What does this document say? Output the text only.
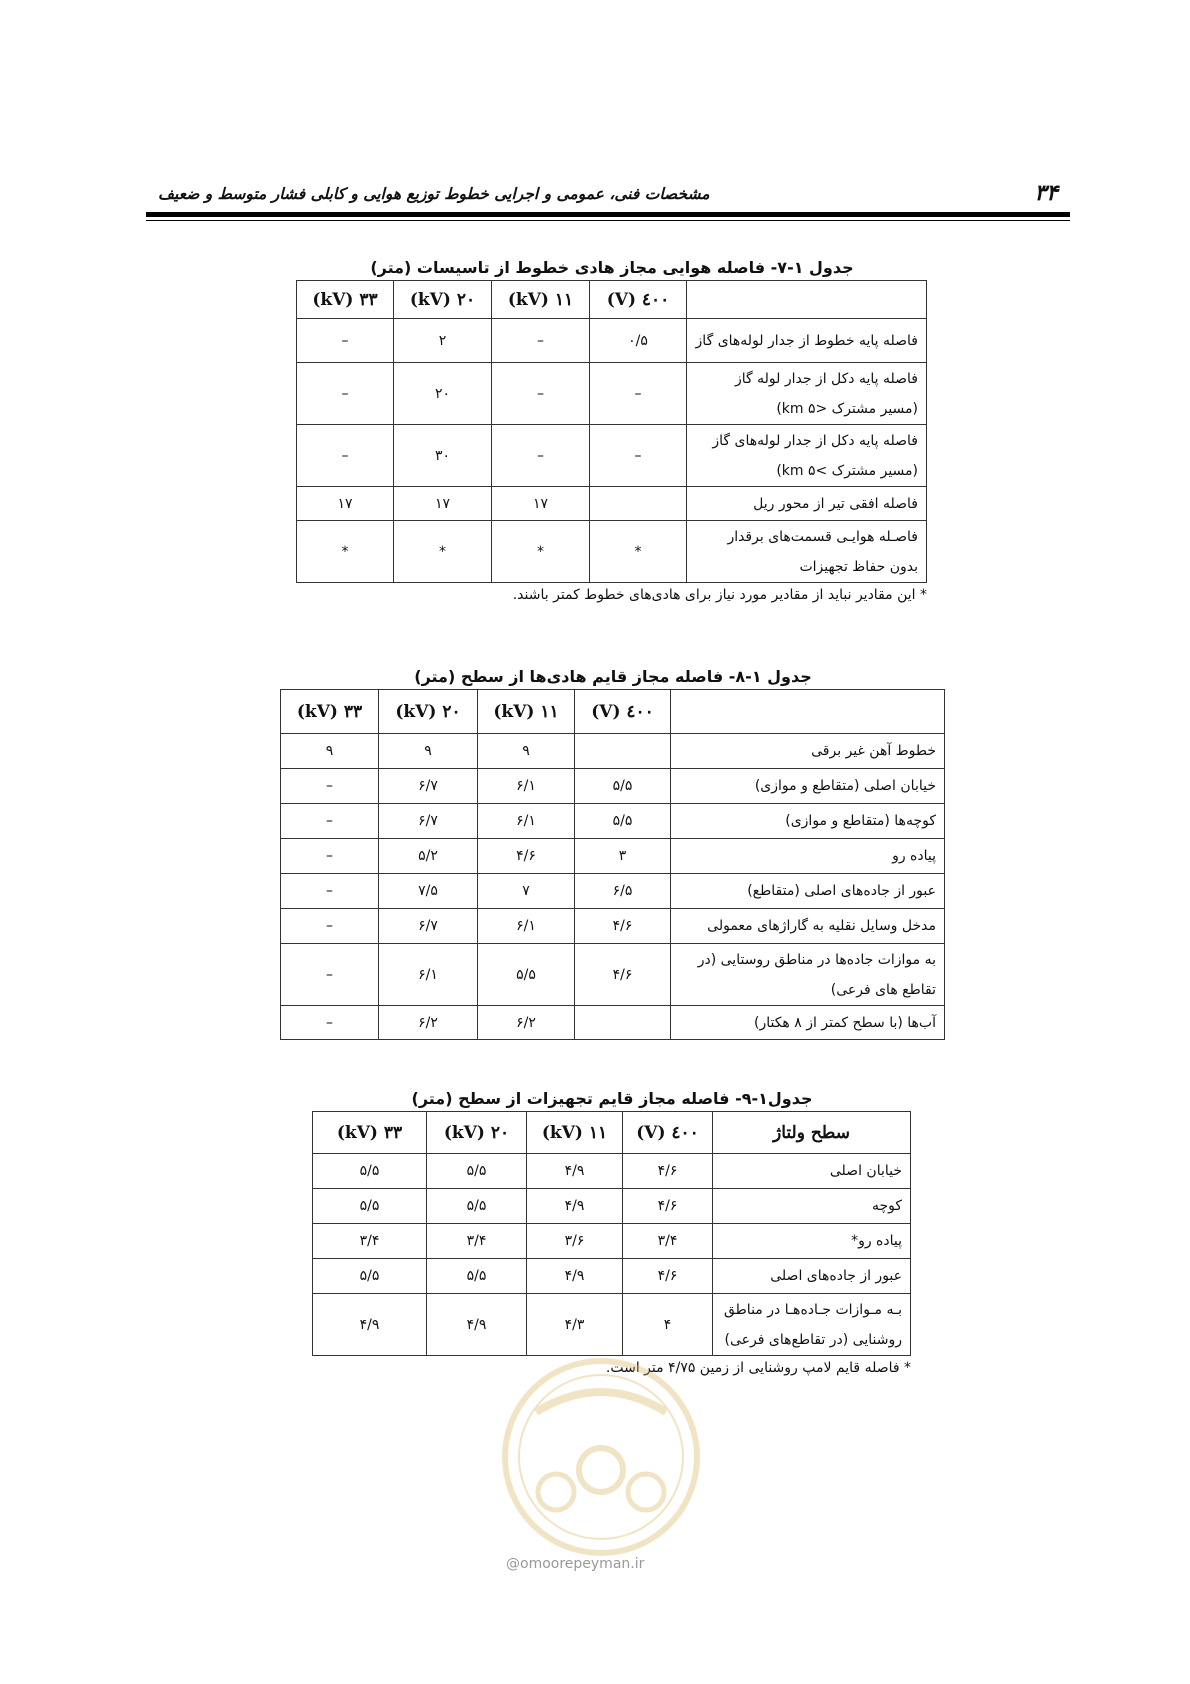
۳۴
مشخصات فنی، عمومی و اجرایی خطوط توزیع هوایی و کابلی فشار متوسط و ضعیف
جدول ۱-۷- فاصله هوایی مجاز هادی خطوط از تاسیسات (متر)
	٤۰۰ (V)	۱۱ (kV)	۲۰ (kV)	۳۳ (kV)
فاصله پایه خطوط از جدار لوله‌های گاز	۰/۵	–	۲	–
فاصله پایه دکل از جدار لوله گاز (مسیر مشترک <km ۵)	–	–	۲۰	–
فاصله پایه دکل از جدار لوله‌های گاز (مسیر مشترک >km ۵)	–	–	۳۰	–
فاصله افقی تیر از محور ریل		۱۷	۱۷	۱۷
فاصـله هوایـی قسمت‌های برقدار بدون حفاظ تجهیزات	*	*	*	*
* این مقادیر نباید از مقادیر مورد نیاز برای هادی‌های خطوط کمتر باشند.
جدول ۱-۸- فاصله مجاز قایم هادی‌ها از سطح (متر)
	٤۰۰ (V)	۱۱ (kV)	۲۰ (kV)	۳۳ (kV)
خطوط آهن غیر برقی		۹	۹	۹
خیابان اصلی (متقاطع و موازی)	۵/۵	۶/۱	۶/۷	–
کوچه‌ها (متقاطع و موازی)	۵/۵	۶/۱	۶/۷	–
پیاده رو	۳	۴/۶	۵/۲	–
عبور از جاده‌های اصلی (متقاطع)	۶/۵	۷	۷/۵	–
مدخل وسایل نقلیه به گاراژهای معمولی	۴/۶	۶/۱	۶/۷	–
به موازات جاده‌ها در مناطق روستایی (در تقاطع های فرعی)	۴/۶	۵/۵	۶/۱	–
آب‌ها (با سطح کمتر از ۸ هکتار)		۶/۲	۶/۲	–
جدول۱-۹- فاصله مجاز قایم تجهیزات از سطح (متر)
سطح ولتاژ	٤۰۰ (V)	۱۱ (kV)	۲۰ (kV)	۳۳ (kV)
خیابان اصلی	۴/۶	۴/۹	۵/۵	۵/۵
کوچه	۴/۶	۴/۹	۵/۵	۵/۵
پیاده رو*	۳/۴	۳/۶	۳/۴	۳/۴
عبور از جاده‌های اصلی	۴/۶	۴/۹	۵/۵	۵/۵
بـه مـوازات جـاده‌هـا در مناطق روشنایی (در تقاطع‌های فرعی)	۴	۴/۳	۴/۹	۴/۹
* فاصله قایم لامپ روشنایی از زمین ۴/۷۵ متر است.
@omoorepeyman.ir
